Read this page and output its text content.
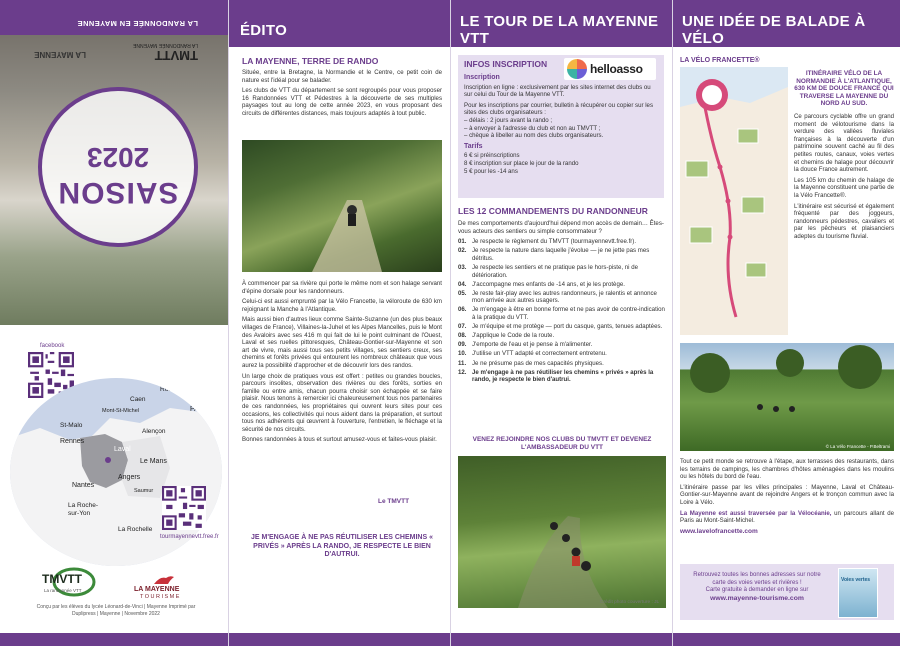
SAISON
2023
TMVTT
LA RANDONNÉE MAYENNE
LA MAYENNE
LA RANDONNÉE EN MAYENNE
facebook
Rouen
Caen
PARIS
Mont-St-Michel
St-Malo
Alençon
Rennes
Laval
Le Mans
Angers
Nantes
Saumur
La Roche-sur-Yon
La Rochelle
tourmayennevtt.free.fr
TMVTT
La randonnée VTT	LA MAYENNE
TOURISME
Conçu par les élèves du lycée Léonard-de-Vinci | Mayenne Imprimé par Duplipress | Mayenne | Novembre 2022
ÉDITO
LA MAYENNE, TERRE DE RANDO

Située, entre la Bretagne, la Normandie et le Centre, ce petit coin de nature est l'idéal pour se balader.

Les clubs de VTT du département se sont regroupés pour vous proposer 16 Randonnées VTT et Pédestres à la découverte de ses multiples paysages tout au long de cette année 2023, en vous proposant des circuits de différentes distances, mais toujours adaptés à tout public.

À commencer par sa rivière qui porte le même nom et son halage servant d'épine dorsale pour les randonneurs.

Celui-ci est aussi emprunté par la Vélo Francette, la véloroute de 630 km rejoignant la Manche à l'Atlantique.

Mais aussi bien d'autres lieux comme Sainte-Suzanne (un des plus beaux villages de France), Villaines-la-Juhel et les Alpes Mancelles, puis le Mont des Avaloirs avec ses 416 m qui fait de lui le point culminant de l'Ouest, Laval et ses ruelles pittoresques, Château-Gontier-sur-Mayenne et son art de vivre, mais aussi tous ses petits villages, ses sentiers creux, ses chemins et forêts privées qui entourent les nombreux châteaux que vous aurez la possibilité d'approcher et de découvrir lors des randos.

Un large choix de pratiques vous est offert : petites ou grandes boucles, parcours insolites, observation des rivières ou des forêts, sorties en famille ou entre amis, chacun pourra choisir son échappée et se faire plaisir. Nous tenons à remercier ici chaleureusement tous nos partenaires de ces randonnées, les propriétaires qui ouvrent leurs sites pour ces occasions, les collectivités qui nous aident dans la préparation, et surtout tous nos adhérents qui œuvrent à l'ouverture, l'entretien, le fléchage et la sécurité de nos circuits.

Bonnes randonnées à tous et surtout amusez-vous et faites-vous plaisir.

Le TMVTT
JE M'ENGAGE À NE PAS RÉUTILISER LES CHEMINS « PRIVÉS » APRÈS LA RANDO, JE RESPECTE LE BIEN D'AUTRUI.
LE TOUR DE LA MAYENNE VTT
INFOS INSCRIPTION	helloasso
Inscription

Inscription en ligne : exclusivement par les sites internet des clubs ou sur celui du Tour de la Mayenne VTT.

Pour les inscriptions par courrier, bulletin à récupérer ou copier sur les sites des clubs organisateurs :

– délais : 2 jours avant la rando ;
– à envoyer à l'adresse du club et non au TMVTT ;
– chèque à libeller au nom des clubs organisateurs.
Tarifs
6 € si préinscriptions
8 € inscription sur place le jour de la rando
5 € pour les -14 ans
LES 12 COMMANDEMENTS DU RANDONNEUR
De mes comportements d'aujourd'hui dépend mon accès de demain… Êtes-vous acteurs des sentiers ou simple consommateur ?
01. Je respecte le règlement du TMVTT (tourmayennevtt.free.fr).
02. Je respecte la nature dans laquelle j'évolue — je ne jette pas mes détritus.
03. Je respecte les sentiers et ne pratique pas le hors-piste, ni de détérioration.
04. J'accompagne mes enfants de -14 ans, et je les protège.
05. Je reste fair-play avec les autres randonneurs, je ralentis et annonce mon arrivée aux autres usagers.
06. Je m'engage à être en bonne forme et ne pas avoir de contre-indication à la pratique du VTT.
07. Je m'équipe et me protège — port du casque, gants, tenues adaptées.
08. J'applique le Code de la route.
09. J'emporte de l'eau et je pense à m'alimenter.
10. J'utilise un VTT adapté et correctement entretenu.
11. Je ne présume pas de mes capacités physiques.
12. Je m'engage à ne pas réutiliser les chemins « privés » après la rando, je respecte le bien d'autrui.
VENEZ REJOINDRE NOS CLUBS DU TMVTT ET DEVENEZ L'AMBASSADEUR DU VTT
Crédit photo couverture : JL
UNE IDÉE DE BALADE À VÉLO
LA VÉLO FRANCETTE®
ITINÉRAIRE VÉLO DE LA NORMANDIE À L'ATLANTIQUE, 630 KM DE DOUCE FRANCE QUI TRAVERSE LA MAYENNE DU NORD AU SUD.

Ce parcours cyclable offre un grand moment de vélotourisme dans la verdure des vallées fluviales françaises à la découverte d'un patrimoine souvent caché au fil des petites routes, canaux, voies vertes et chemins de halage pour découvrir la douce France autrement.

Les 105 km du chemin de halage de la Mayenne constituent une partie de la Vélo Francette®.

L'itinéraire est sécurisé et également fréquenté par des joggeurs, randonneurs pédestres, cavaliers et par les pêcheurs et plaisanciers adeptes du tourisme fluvial.

© La Vélo Francette - P.Beltrami

Tout ce petit monde se retrouve à l'étape, aux terrasses des restaurants, dans les terrains de campings, les chambres d'hôtes aménagées dans les moulins ou les hôtels du bord de l'eau.

L'itinéraire passe par les villes principales : Mayenne, Laval et Château-Gontier-sur-Mayenne avant de rejoindre Angers et le tronçon commun avec la Loire à Vélo.

La Mayenne est aussi traversée par la Vélocéanie, un parcours allant de Paris au Mont-Saint-Michel.

www.lavelofrancette.com
Retrouvez toutes les bonnes adresses sur notre carte des voies vertes et rivières !
Carte gratuite à demander en ligne sur
www.mayenne-tourisme.com
Voies vertes
